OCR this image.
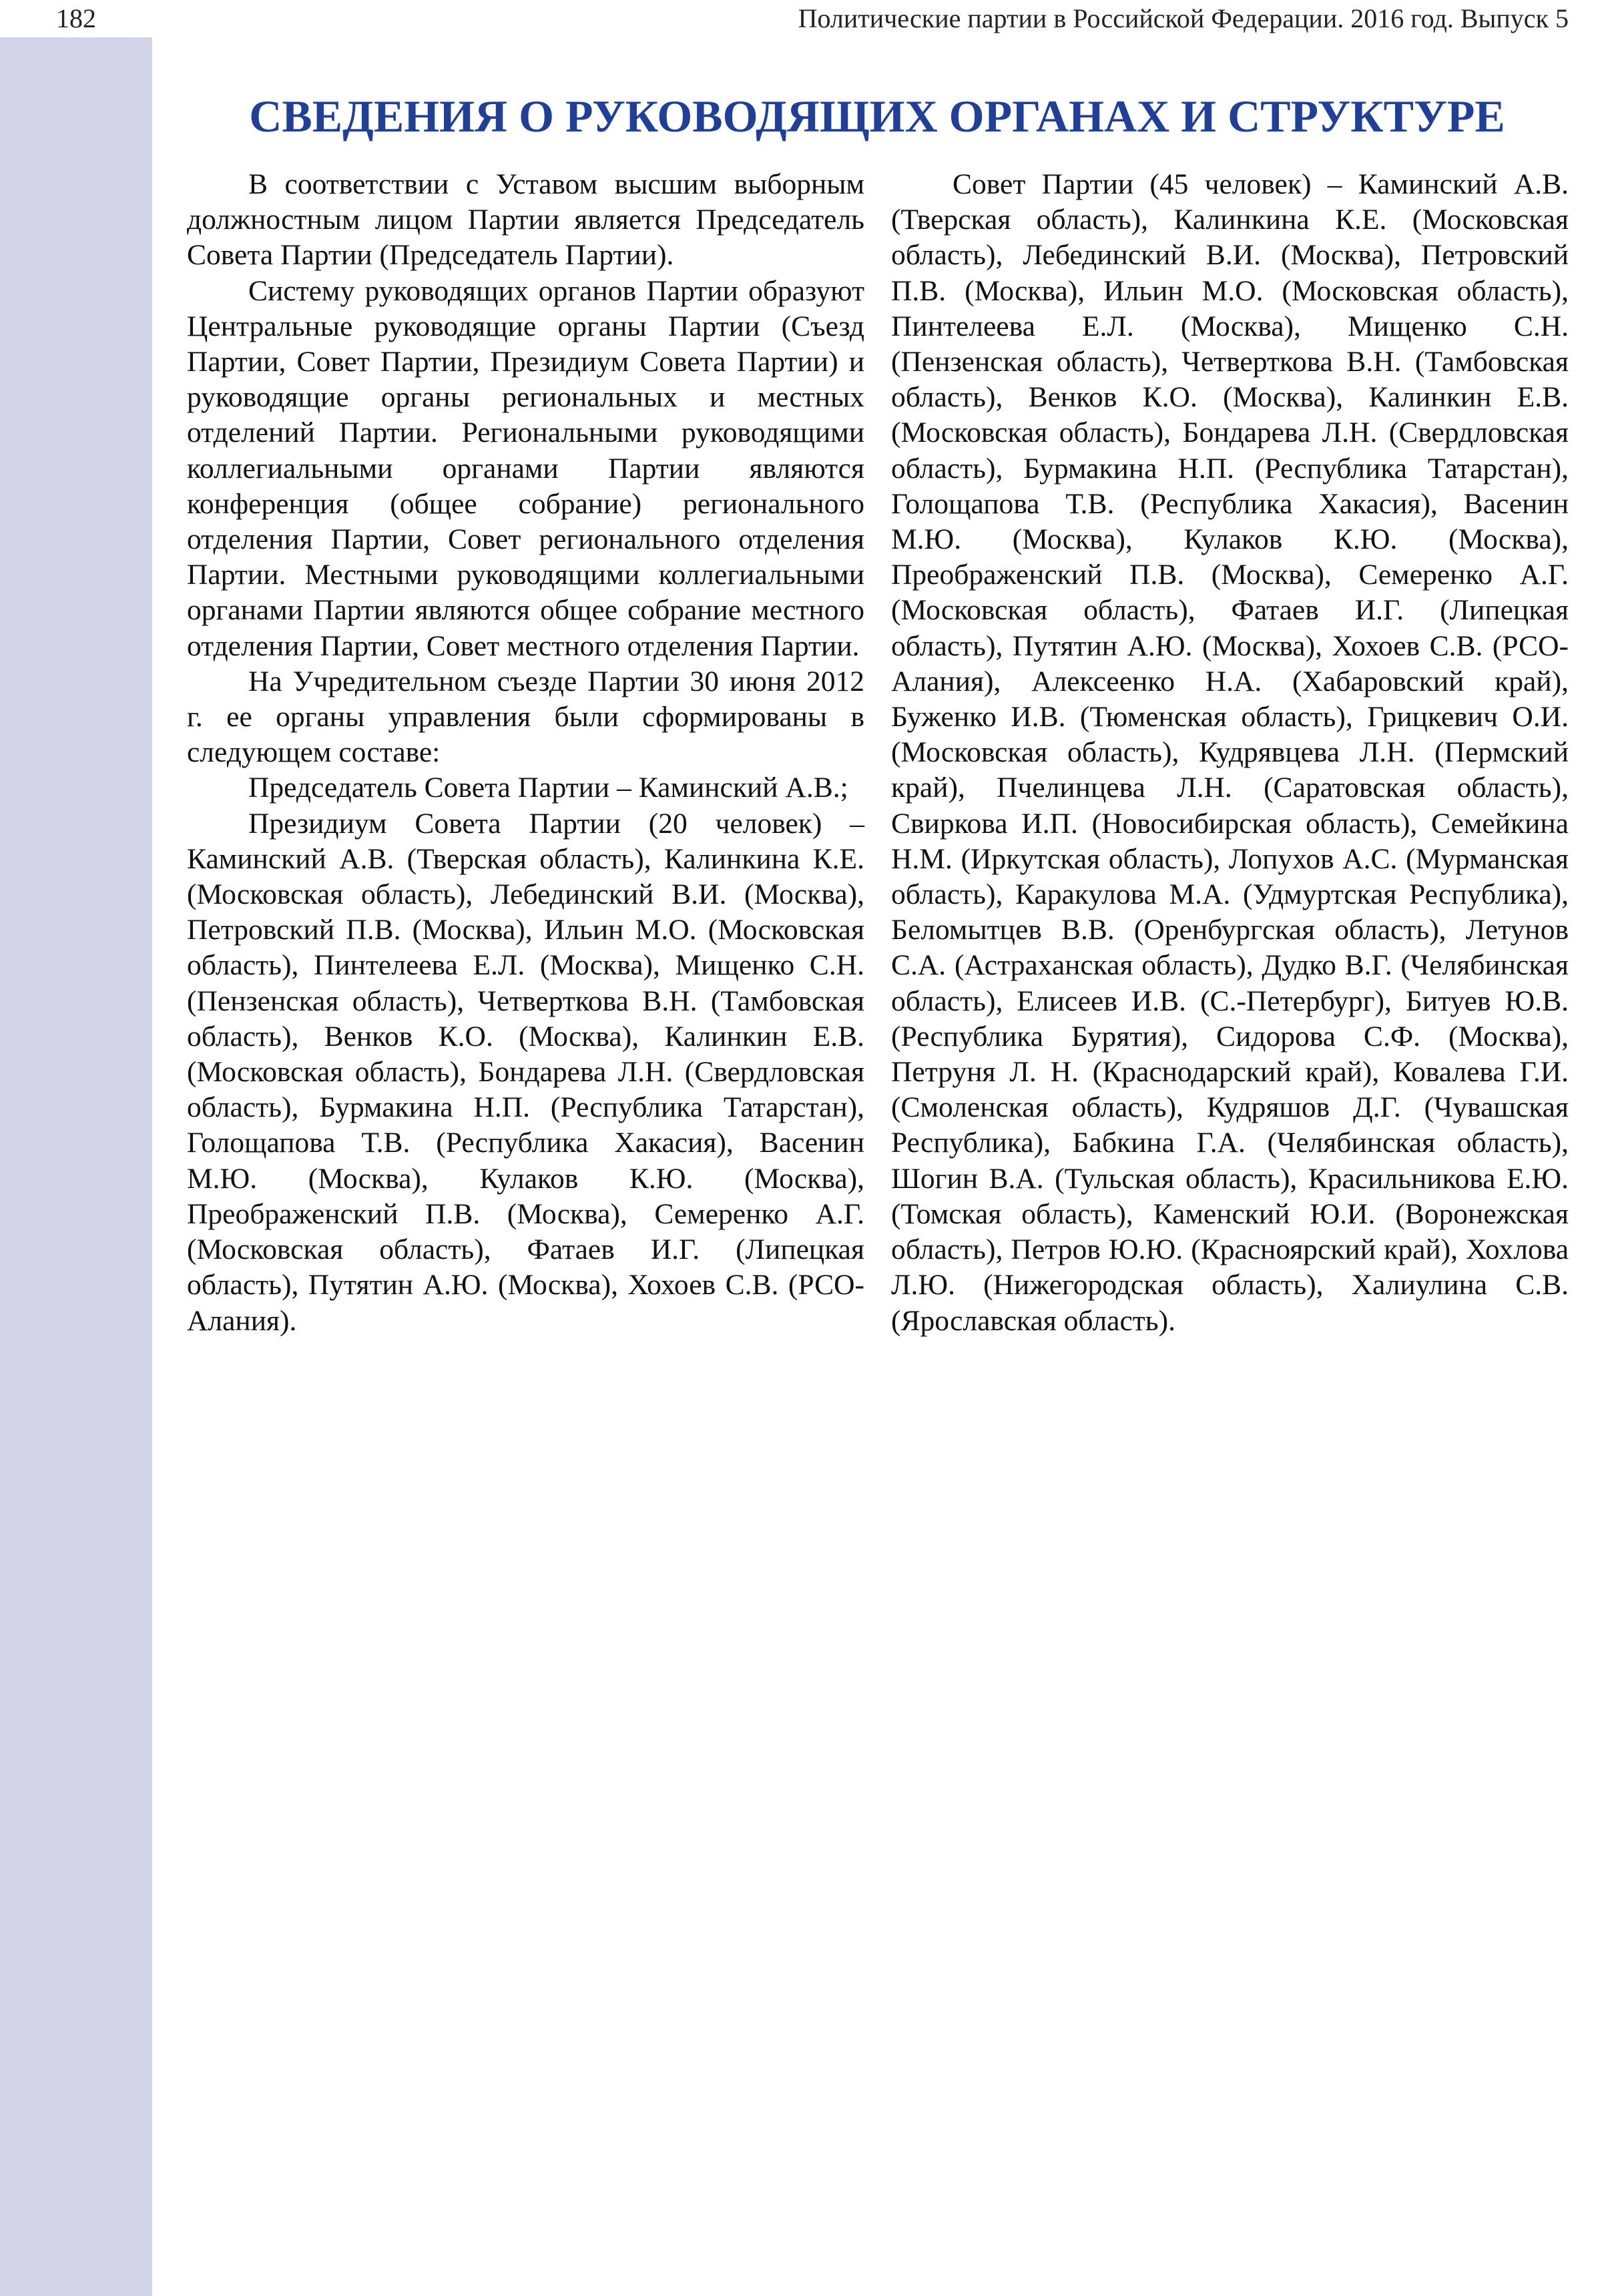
182	Политические партии в Российской Федерации. 2016 год. Выпуск 5
СВЕДЕНИЯ О РУКОВОДЯЩИХ ОРГАНАХ И СТРУКТУРЕ

В соответствии с Уставом высшим выборным должностным лицом Партии является Председатель Совета Партии (Председатель Партии).

Систему руководящих органов Партии образуют Центральные руководящие органы Партии (Съезд Партии, Совет Партии, Президиум Совета Партии) и руководящие органы региональных и местных отделений Партии. Региональными руководящими коллегиальными органами Партии являются конференция (общее собрание) регионального отделения Партии, Совет регионального отделения Партии. Местными руководящими коллегиальными органами Партии являются общее собрание местного отделения Партии, Совет местного отделения Партии.

На Учредительном съезде Партии 30 июня 2012 г. ее органы управления были сформированы в следующем составе:

Председатель Совета Партии – Каминский А.В.;

Президиум Совета Партии (20 человек) – Каминский А.В. (Тверская область), Калинкина К.Е. (Московская область), Лебединский В.И. (Москва), Петровский П.В. (Москва), Ильин М.О. (Московская область), Пинтелеева Е.Л. (Москва), Мищенко С.Н. (Пензенская область), Четверткова В.Н. (Тамбовская область), Венков К.О. (Москва), Калинкин Е.В. (Московская область), Бондарева Л.Н. (Свердловская область), Бурмакина Н.П. (Республика Татарстан), Голощапова Т.В. (Республика Хакасия), Васенин М.Ю. (Москва), Кулаков К.Ю. (Москва), Преображенский П.В. (Москва), Семеренко А.Г. (Московская область), Фатаев И.Г. (Липецкая область), Путятин А.Ю. (Москва), Хохоев С.В. (РСО-Алания).

Совет Партии (45 человек) – Каминский А.В. (Тверская область), Калинкина К.Е. (Московская область), Лебединский В.И. (Москва), Петровский П.В. (Москва), Ильин М.О. (Московская область), Пинтелеева Е.Л. (Москва), Мищенко С.Н. (Пензенская область), Четверткова В.Н. (Тамбовская область), Венков К.О. (Москва), Калинкин Е.В. (Московская область), Бондарева Л.Н. (Свердловская область), Бурмакина Н.П. (Республика Татарстан), Голощапова Т.В. (Республика Хакасия), Васенин М.Ю. (Москва), Кулаков К.Ю. (Москва), Преображенский П.В. (Москва), Семеренко А.Г. (Московская область), Фатаев И.Г. (Липецкая область), Путятин А.Ю. (Москва), Хохоев С.В. (РСО-Алания), Алексеенко Н.А. (Хабаровский край), Буженко И.В. (Тюменская область), Грицкевич О.И. (Московская область), Кудрявцева Л.Н. (Пермский край), Пчелинцева Л.Н. (Саратовская область), Свиркова И.П. (Новосибирская область), Семейкина Н.М. (Иркутская область), Лопухов А.С. (Мурманская область), Каракулова М.А. (Удмуртская Республика), Беломытцев В.В. (Оренбургская область), Летунов С.А. (Астраханская область), Дудко В.Г. (Челябинская область), Елисеев И.В. (С.-Петербург), Битуев Ю.В. (Республика Бурятия), Сидорова С.Ф. (Москва), Петруня Л. Н. (Краснодарский край), Ковалева Г.И. (Смоленская область), Кудряшов Д.Г. (Чувашская Республика), Бабкина Г.А. (Челябинская область), Шогин В.А. (Тульская область), Красильникова Е.Ю. (Томская область), Каменский Ю.И. (Воронежская область), Петров Ю.Ю. (Красноярский край), Хохлова Л.Ю. (Нижегородская область), Халиулина С.В. (Ярославская область).
